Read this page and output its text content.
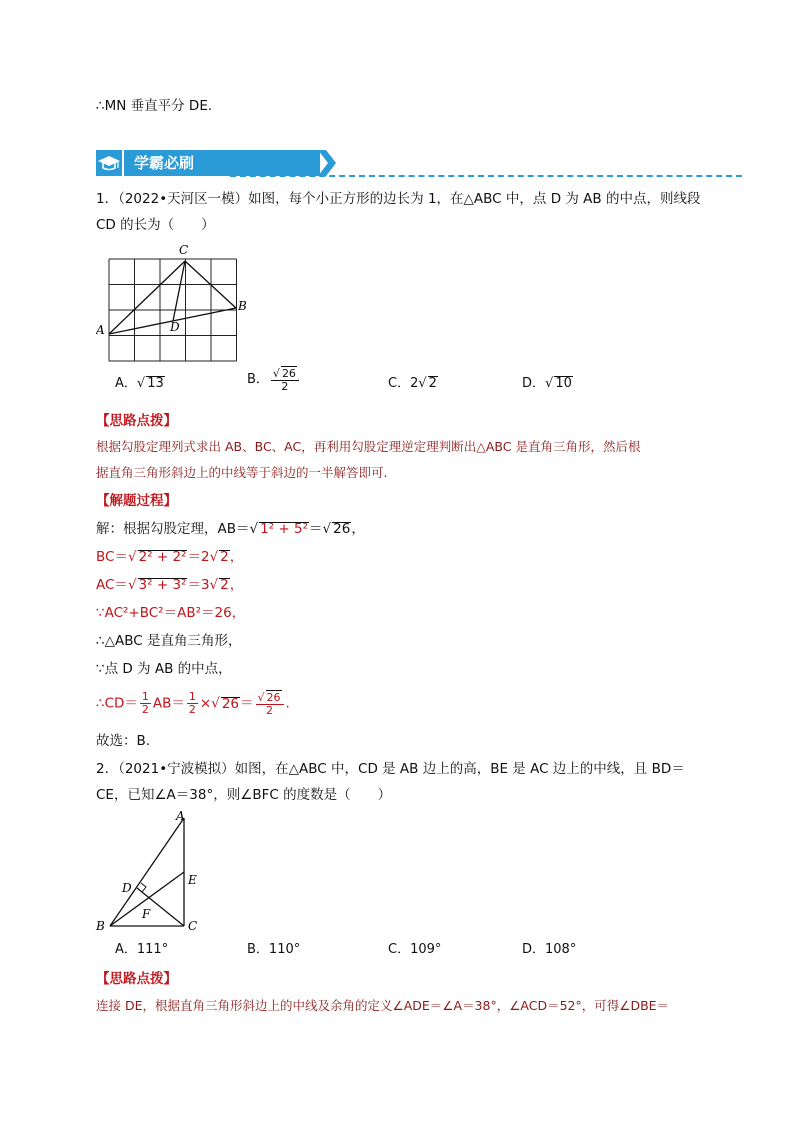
∴MN 垂直平分 DE.
学霸必刷
1．（2022•天河区一模）如图，每个小正方形的边长为 1，在△ABC 中，点 D 为 AB 的中点，则线段
CD 的长为（　　）
C
B
A	D
A．√ 13	B． $\frac{√ 26}{2}$	C．2√ 2	D．√ 10
【思路点拨】
根据勾股定理列式求出 AB、BC、AC，再利用勾股定理逆定理判断出△ABC 是直角三角形，然后根
据直角三角形斜边上的中线等于斜边的一半解答即可.
【解题过程】
解：根据勾股定理，AB＝√ 1² + 5²＝√ 26，
BC＝√ 2² + 2²＝2√ 2，
AC＝√ 3² + 3²＝3√ 2，
∵AC²+BC²＝AB²＝26，
∴△ABC 是直角三角形，
∵点 D 为 AB 的中点，
∴CD＝ $\frac{1}{2} AB= \frac{1}{2}$ ×√ $26= \frac{√ 26}{2}$ .
故选：B.
2．（2021•宁波模拟）如图，在△ABC 中，CD 是 AB 边上的高，BE 是 AC 边上的中线，且 BD＝
CE，已知∠A＝38°，则∠BFC 的度数是（　　）
A
E
D
F
B	C
A．111°	B．110°	C．109°	D．108°
【思路点拨】
连接 DE，根据直角三角形斜边上的中线及余角的定义∠ADE＝∠A＝38°，∠ACD＝52°，可得∠DBE＝
